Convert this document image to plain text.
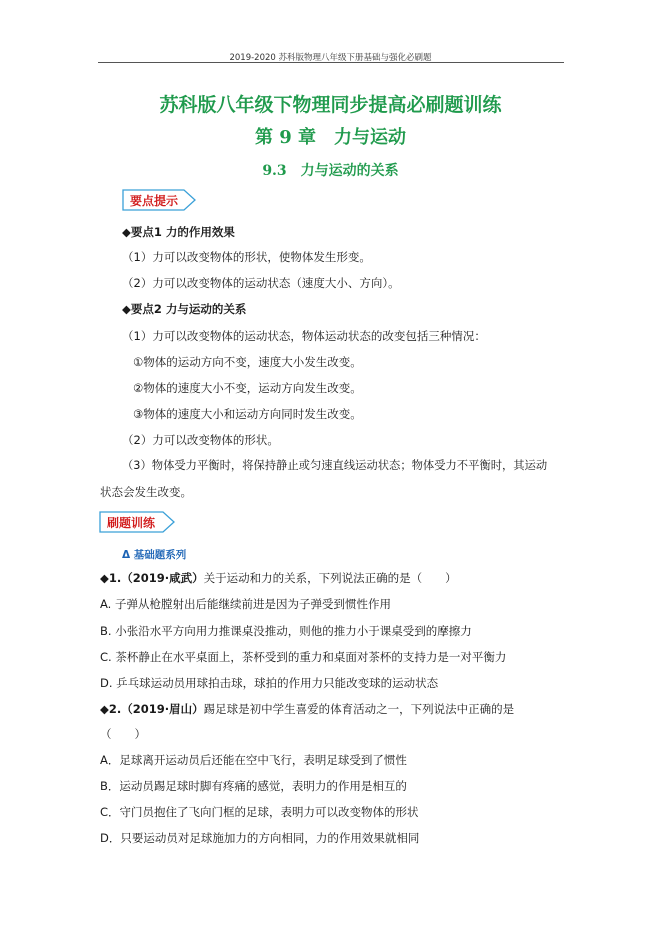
2019-2020 苏科版物理八年级下册基础与强化必刷题
苏科版八年级下物理同步提高必刷题训练
第 9 章　力与运动
9.3　力与运动的关系
要点提示
◆要点1 力的作用效果
（1）力可以改变物体的形状，使物体发生形变。
（2）力可以改变物体的运动状态（速度大小、方向）。
◆要点2 力与运动的关系
（1）力可以改变物体的运动状态，物体运动状态的改变包括三种情况：
①物体的运动方向不变，速度大小发生改变。
②物体的速度大小不变，运动方向发生改变。
③物体的速度大小和运动方向同时发生改变。
（2）力可以改变物体的形状。
（3）物体受力平衡时，将保持静止或匀速直线运动状态；物体受力不平衡时，其运动
状态会发生改变。
刷题训练
Δ 基础题系列
◆1.（2019·咸武）关于运动和力的关系，下列说法正确的是（　　）
A. 子弹从枪膛射出后能继续前进是因为子弹受到惯性作用
B. 小张沿水平方向用力推课桌没推动，则他的推力小于课桌受到的摩擦力
C. 茶杯静止在水平桌面上，茶杯受到的重力和桌面对茶杯的支持力是一对平衡力
D. 乒乓球运动员用球拍击球，球拍的作用力只能改变球的运动状态
◆2.（2019·眉山）踢足球是初中学生喜爱的体育活动之一，下列说法中正确的是
（　　）
A．足球离开运动员后还能在空中飞行，表明足球受到了惯性
B．运动员踢足球时脚有疼痛的感觉，表明力的作用是相互的
C．守门员抱住了飞向门框的足球，表明力可以改变物体的形状
D．只要运动员对足球施加力的方向相同，力的作用效果就相同
